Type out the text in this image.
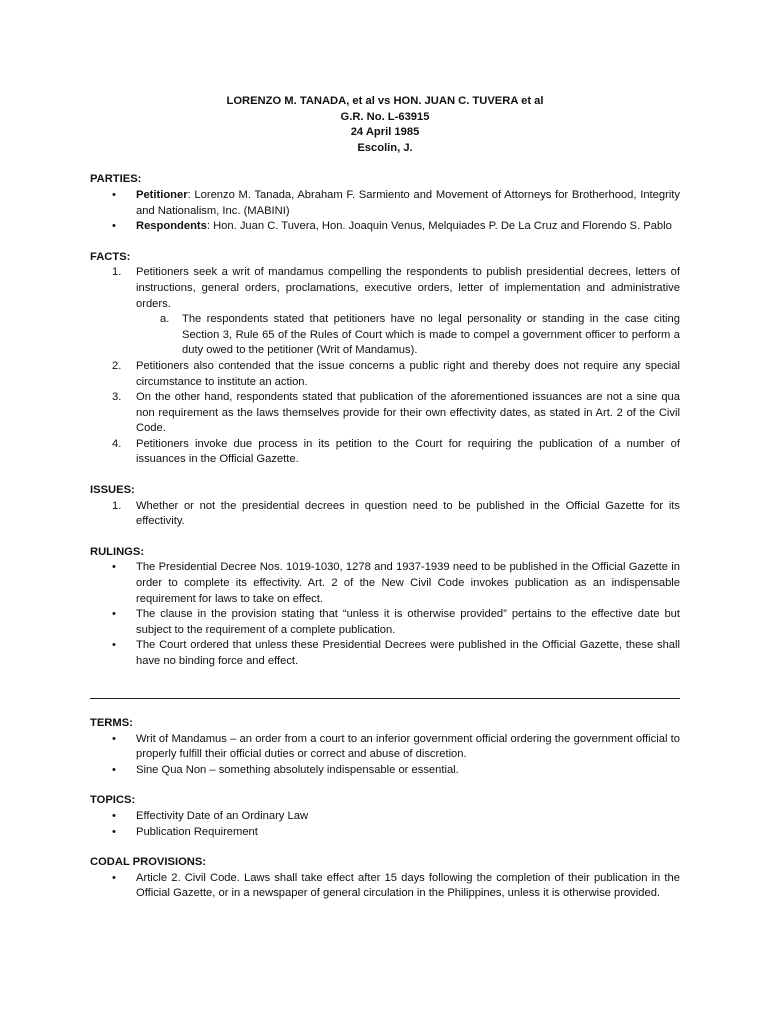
LORENZO M. TANADA, et al vs HON. JUAN C. TUVERA et al
G.R. No. L-63915
24 April 1985
Escolin, J.
PARTIES:
• Petitioner: Lorenzo M. Tanada, Abraham F. Sarmiento and Movement of Attorneys for Brotherhood, Integrity and Nationalism, Inc. (MABINI)
• Respondents: Hon. Juan C. Tuvera, Hon. Joaquin Venus, Melquiades P. De La Cruz and Florendo S. Pablo
FACTS:
1. Petitioners seek a writ of mandamus compelling the respondents to publish presidential decrees, letters of instructions, general orders, proclamations, executive orders, letter of implementation and administrative orders.
a. The respondents stated that petitioners have no legal personality or standing in the case citing Section 3, Rule 65 of the Rules of Court which is made to compel a government officer to perform a duty owed to the petitioner (Writ of Mandamus).
2. Petitioners also contended that the issue concerns a public right and thereby does not require any special circumstance to institute an action.
3. On the other hand, respondents stated that publication of the aforementioned issuances are not a sine qua non requirement as the laws themselves provide for their own effectivity dates, as stated in Art. 2 of the Civil Code.
4. Petitioners invoke due process in its petition to the Court for requiring the publication of a number of issuances in the Official Gazette.
ISSUES:
1. Whether or not the presidential decrees in question need to be published in the Official Gazette for its effectivity.
RULINGS:
• The Presidential Decree Nos. 1019-1030, 1278 and 1937-1939 need to be published in the Official Gazette in order to complete its effectivity. Art. 2 of the New Civil Code invokes publication as an indispensable requirement for laws to take on effect.
• The clause in the provision stating that “unless it is otherwise provided” pertains to the effective date but subject to the requirement of a complete publication.
• The Court ordered that unless these Presidential Decrees were published in the Official Gazette, these shall have no binding force and effect.
TERMS:
• Writ of Mandamus – an order from a court to an inferior government official ordering the government official to properly fulfill their official duties or correct and abuse of discretion.
• Sine Qua Non – something absolutely indispensable or essential.
TOPICS:
• Effectivity Date of an Ordinary Law
• Publication Requirement
CODAL PROVISIONS:
• Article 2. Civil Code. Laws shall take effect after 15 days following the completion of their publication in the Official Gazette, or in a newspaper of general circulation in the Philippines, unless it is otherwise provided.
